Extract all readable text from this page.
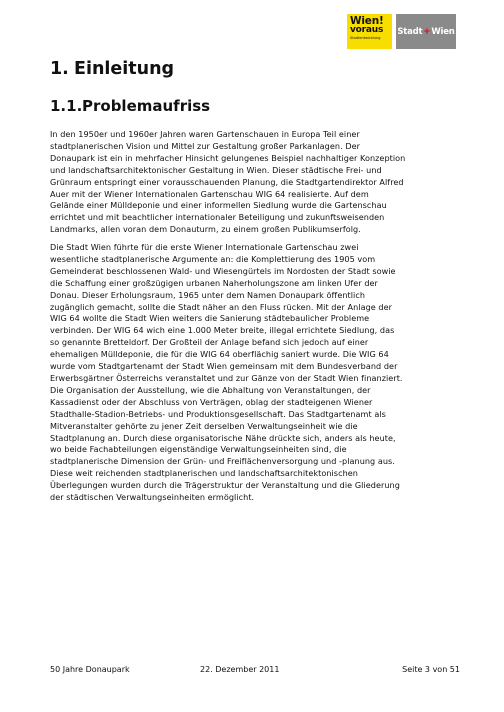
Wien!
voraus
Stadtentwicklung
Stadt + Wien
1. Einleitung
1.1.Problemaufriss

In den 1950er und 1960er Jahren waren Gartenschauen in Europa Teil einer
stadtplanerischen Vision und Mittel zur Gestaltung großer Parkanlagen. Der
Donaupark ist ein in mehrfacher Hinsicht gelungenes Beispiel nachhaltiger Konzeption
und landschaftsarchitektonischer Gestaltung in Wien. Dieser städtische Frei- und
Grünraum entspringt einer vorausschauenden Planung, die Stadtgartendirektor Alfred
Auer mit der Wiener Internationalen Gartenschau WIG 64 realisierte. Auf dem
Gelände einer Mülldeponie und einer informellen Siedlung wurde die Gartenschau
errichtet und mit beachtlicher internationaler Beteiligung und zukunftsweisenden
Landmarks, allen voran dem Donauturm, zu einem großen Publikumserfolg.

Die Stadt Wien führte für die erste Wiener Internationale Gartenschau zwei
wesentliche stadtplanerische Argumente an: die Komplettierung des 1905 vom
Gemeinderat beschlossenen Wald- und Wiesengürtels im Nordosten der Stadt sowie
die Schaffung einer großzügigen urbanen Naherholungszone am linken Ufer der
Donau. Dieser Erholungsraum, 1965 unter dem Namen Donaupark öffentlich
zugänglich gemacht, sollte die Stadt näher an den Fluss rücken. Mit der Anlage der
WIG 64 wollte die Stadt Wien weiters die Sanierung städtebaulicher Probleme
verbinden. Der WIG 64 wich eine 1.000 Meter breite, illegal errichtete Siedlung, das
so genannte Bretteldorf. Der Großteil der Anlage befand sich jedoch auf einer
ehemaligen Mülldeponie, die für die WIG 64 oberflächig saniert wurde. Die WIG 64
wurde vom Stadtgartenamt der Stadt Wien gemeinsam mit dem Bundesverband der
Erwerbsgärtner Österreichs veranstaltet und zur Gänze von der Stadt Wien finanziert.
Die Organisation der Ausstellung, wie die Abhaltung von Veranstaltungen, der
Kassadienst oder der Abschluss von Verträgen, oblag der stadteigenen Wiener
Stadthalle-Stadion-Betriebs- und Produktionsgesellschaft. Das Stadtgartenamt als
Mitveranstalter gehörte zu jener Zeit derselben Verwaltungseinheit wie die
Stadtplanung an. Durch diese organisatorische Nähe drückte sich, anders als heute,
wo beide Fachabteilungen eigenständige Verwaltungseinheiten sind, die
stadtplanerische Dimension der Grün- und Freiflächenversorgung und -planung aus.
Diese weit reichenden stadtplanerischen und landschaftsarchitektonischen
Überlegungen wurden durch die Trägerstruktur der Veranstaltung und die Gliederung
der städtischen Verwaltungseinheiten ermöglicht.

50 Jahre Donaupark	22. Dezember 2011	Seite 3 von 51
